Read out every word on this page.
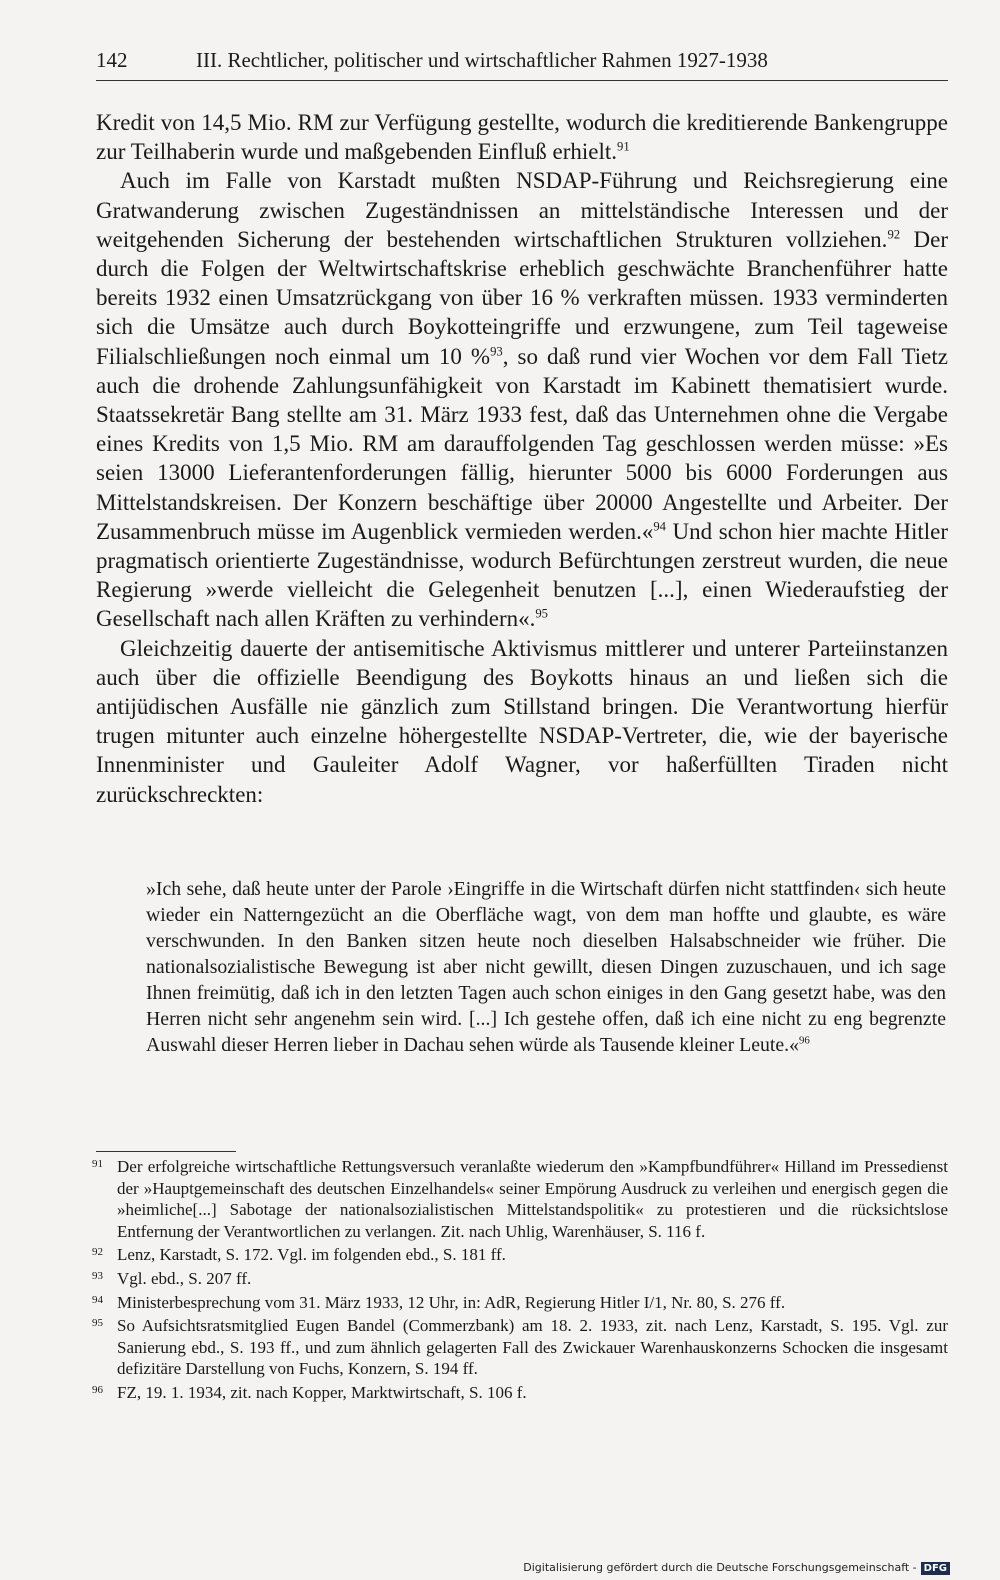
142	III. Rechtlicher, politischer und wirtschaftlicher Rahmen 1927-1938

Kredit von 14,5 Mio. RM zur Verfügung gestellte, wodurch die kreditierende Bankengruppe zur Teilhaberin wurde und maßgebenden Einfluß erhielt.$^{91}$

Auch im Falle von Karstadt mußten NSDAP-Führung und Reichsregierung eine Gratwanderung zwischen Zugeständnissen an mittelständische Interessen und der weitgehenden Sicherung der bestehenden wirtschaftlichen Strukturen vollziehen.$^{92}$ Der durch die Folgen der Weltwirtschaftskrise erheblich geschwächte Branchenführer hatte bereits 1932 einen Umsatzrückgang von über 16 % verkraften müssen. 1933 verminderten sich die Umsätze auch durch Boykotteingriffe und erzwungene, zum Teil tageweise Filialschließungen noch einmal um 10 %$^{93}$, so daß rund vier Wochen vor dem Fall Tietz auch die drohende Zahlungsunfähigkeit von Karstadt im Kabinett thematisiert wurde. Staatssekretär Bang stellte am 31. März 1933 fest, daß das Unternehmen ohne die Vergabe eines Kredits von 1,5 Mio. RM am darauffolgenden Tag geschlossen werden müsse: »Es seien 13000 Lieferantenforderungen fällig, hierunter 5000 bis 6000 Forderungen aus Mittelstandskreisen. Der Konzern beschäftige über 20000 Angestellte und Arbeiter. Der Zusammenbruch müsse im Augenblick vermieden werden.«$^{94}$ Und schon hier machte Hitler pragmatisch orientierte Zugeständnisse, wodurch Befürchtungen zerstreut wurden, die neue Regierung »werde vielleicht die Gelegenheit benutzen [...], einen Wiederaufstieg der Gesellschaft nach allen Kräften zu verhindern«.$^{95}$

Gleichzeitig dauerte der antisemitische Aktivismus mittlerer und unterer Parteiinstanzen auch über die offizielle Beendigung des Boykotts hinaus an und ließen sich die antijüdischen Ausfälle nie gänzlich zum Stillstand bringen. Die Verantwortung hierfür trugen mitunter auch einzelne höhergestellte NSDAP-Vertreter, die, wie der bayerische Innenminister und Gauleiter Adolf Wagner, vor haßerfüllten Tiraden nicht zurückschreckten:

»Ich sehe, daß heute unter der Parole ›Eingriffe in die Wirtschaft dürfen nicht stattfinden‹ sich heute wieder ein Natterngezücht an die Oberfläche wagt, von dem man hoffte und glaubte, es wäre verschwunden. In den Banken sitzen heute noch dieselben Halsabschneider wie früher. Die nationalsozialistische Bewegung ist aber nicht gewillt, diesen Dingen zuzuschauen, und ich sage Ihnen freimütig, daß ich in den letzten Tagen auch schon einiges in den Gang gesetzt habe, was den Herren nicht sehr angenehm sein wird. [...] Ich gestehe offen, daß ich eine nicht zu eng begrenzte Auswahl dieser Herren lieber in Dachau sehen würde als Tausende kleiner Leute.«$^{96}$

91 Der erfolgreiche wirtschaftliche Rettungsversuch veranlaßte wiederum den »Kampfbundführer« Hilland im Pressedienst der »Hauptgemeinschaft des deutschen Einzelhandels« seiner Empörung Ausdruck zu verleihen und energisch gegen die »heimliche[...] Sabotage der nationalsozialistischen Mittelstandspolitik« zu protestieren und die rücksichtslose Entfernung der Verantwortlichen zu verlangen. Zit. nach Uhlig, Warenhäuser, S. 116 f.
92 Lenz, Karstadt, S. 172. Vgl. im folgenden ebd., S. 181 ff.
93 Vgl. ebd., S. 207 ff.
94 Ministerbesprechung vom 31. März 1933, 12 Uhr, in: AdR, Regierung Hitler I/1, Nr. 80, S. 276 ff.
95 So Aufsichtsratsmitglied Eugen Bandel (Commerzbank) am 18. 2. 1933, zit. nach Lenz, Karstadt, S. 195. Vgl. zur Sanierung ebd., S. 193 ff., und zum ähnlich gelagerten Fall des Zwickauer Warenhauskonzerns Schocken die insgesamt defizitäre Darstellung von Fuchs, Konzern, S. 194 ff.
96 FZ, 19. 1. 1934, zit. nach Kopper, Marktwirtschaft, S. 106 f.
Digitalisierung gefördert durch die Deutsche Forschungsgemeinschaft - DFG
